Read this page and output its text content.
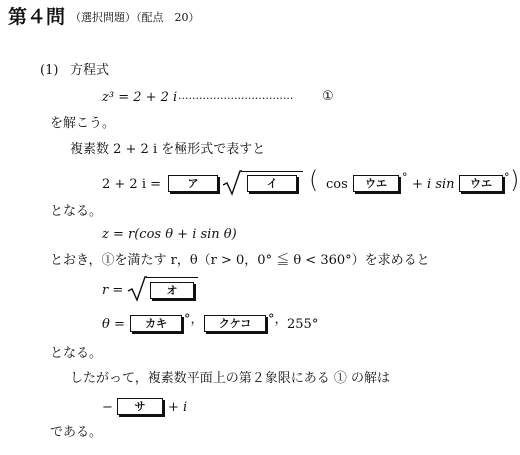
第４問 （選択問題）（配点　20）
(1) 方程式
z³ = 2 + 2 i ································· ①
を解こう。
複素数 2 + 2 i を極形式で表すと
2 + 2 i =	ア	イ	( cos	ウエ	° + i sin	ウエ	° )
となる。
z = r(cos θ + i sin θ)
とおき，①を満たす r，θ（r > 0，0° ≦ θ < 360°）を求めると
r =	オ
θ =	カキ	°，	クケコ	°， 255°
となる。
したがって，複素数平面上の第２象限にある ① の解は
−	サ	+ i
である。
